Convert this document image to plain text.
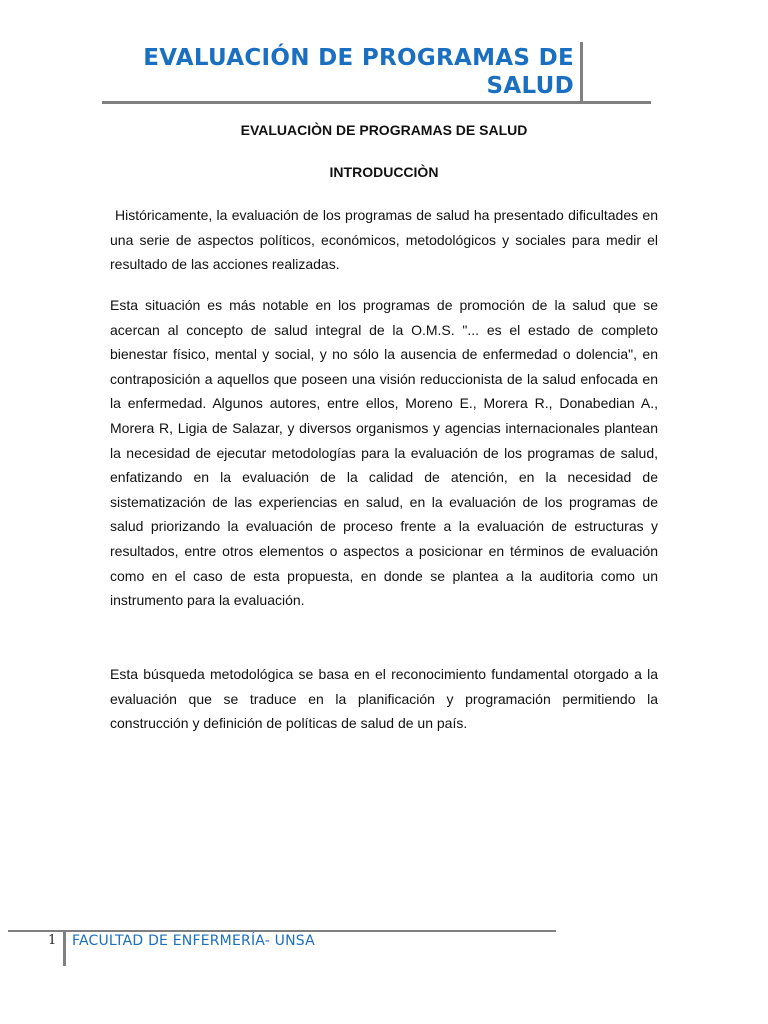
EVALUACIÓN DE PROGRAMAS DE
SALUD
EVALUACIÒN DE PROGRAMAS DE SALUD
INTRODUCCIÒN

Históricamente, la evaluación de los programas de salud ha presentado dificultades en una serie de aspectos políticos, económicos, metodológicos y sociales para medir el resultado de las acciones realizadas.

Esta situación es más notable en los programas de promoción de la salud que se acercan al concepto de salud integral de la O.M.S. "... es el estado de completo bienestar físico, mental y social, y no sólo la ausencia de enfermedad o dolencia", en contraposición a aquellos que poseen una visión reduccionista de la salud enfocada en la enfermedad. Algunos autores, entre ellos, Moreno E., Morera R., Donabedian A., Morera R, Ligia de Salazar, y diversos organismos y agencias internacionales plantean la necesidad de ejecutar metodologías para la evaluación de los programas de salud, enfatizando en la evaluación de la calidad de atención, en la necesidad de sistematización de las experiencias en salud, en la evaluación de los programas de salud priorizando la evaluación de proceso frente a la evaluación de estructuras y resultados, entre otros elementos o aspectos a posicionar en términos de evaluación como en el caso de esta propuesta, en donde se plantea a la auditoria como un instrumento para la evaluación.

Esta búsqueda metodológica se basa en el reconocimiento fundamental otorgado a la evaluación que se traduce en la planificación y programación permitiendo la construcción y definición de políticas de salud de un país.

1 FACULTAD DE ENFERMERÍA- UNSA
